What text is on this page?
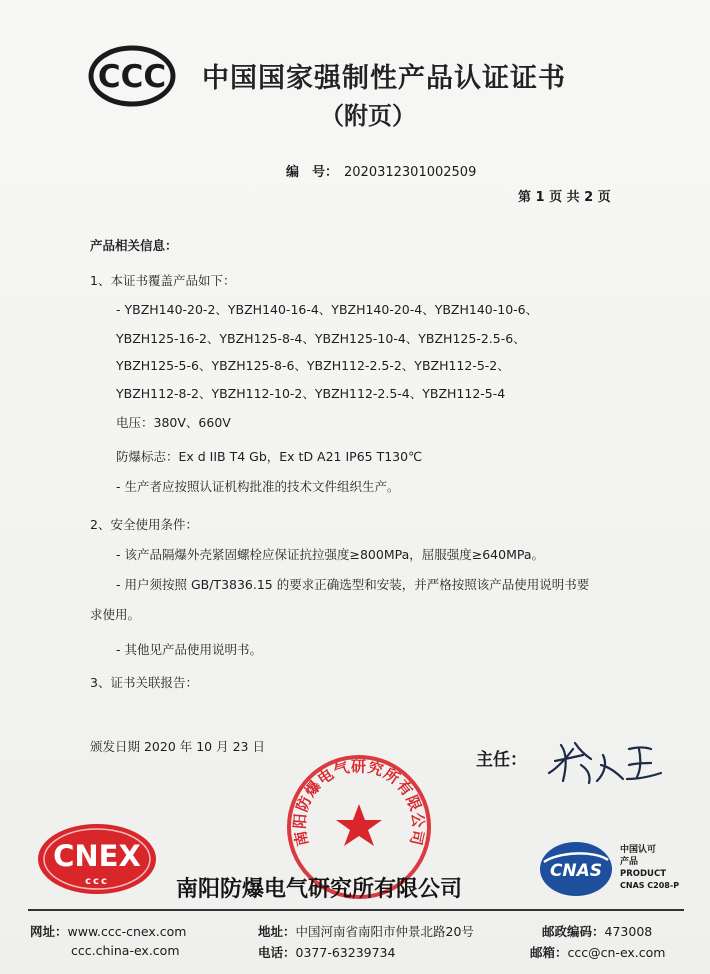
CCC 中国国家强制性产品认证证书
（附页）
编　号： 2020312301002509
第 1 页 共 2 页
产品相关信息：
1、本证书覆盖产品如下：
- YBZH140-20-2、YBZH140-16-4、YBZH140-20-4、YBZH140-10-6、
YBZH125-16-2、YBZH125-8-4、YBZH125-10-4、YBZH125-2.5-6、
YBZH125-5-6、YBZH125-8-6、YBZH112-2.5-2、YBZH112-5-2、
YBZH112-8-2、YBZH112-10-2、YBZH112-2.5-4、YBZH112-5-4
电压：380V、660V
防爆标志：Ex d IIB T4 Gb，Ex tD A21 IP65 T130℃
- 生产者应按照认证机构批准的技术文件组织生产。
2、安全使用条件：
- 该产品隔爆外壳紧固螺栓应保证抗拉强度≥800MPa，屈服强度≥640MPa。
- 用户须按照 GB/T3836.15 的要求正确选型和安装，并严格按照该产品使用说明书要
求使用。
- 其他见产品使用说明书。
3、证书关联报告：
颁发日期 2020 年 10 月 23 日
主任：
南阳防爆电气研究所有限公司
CNEX
ccc	南阳防爆电气研究所有限公司
CNAS
中国认可
产品
PRODUCT
CNAS C208-P
网址：www.ccc-cnex.com
ccc.china-ex.com
地址：中国河南省南阳市仲景北路20号
电话：0377-63239734
邮政编码：473008
邮箱：ccc@cn-ex.com
